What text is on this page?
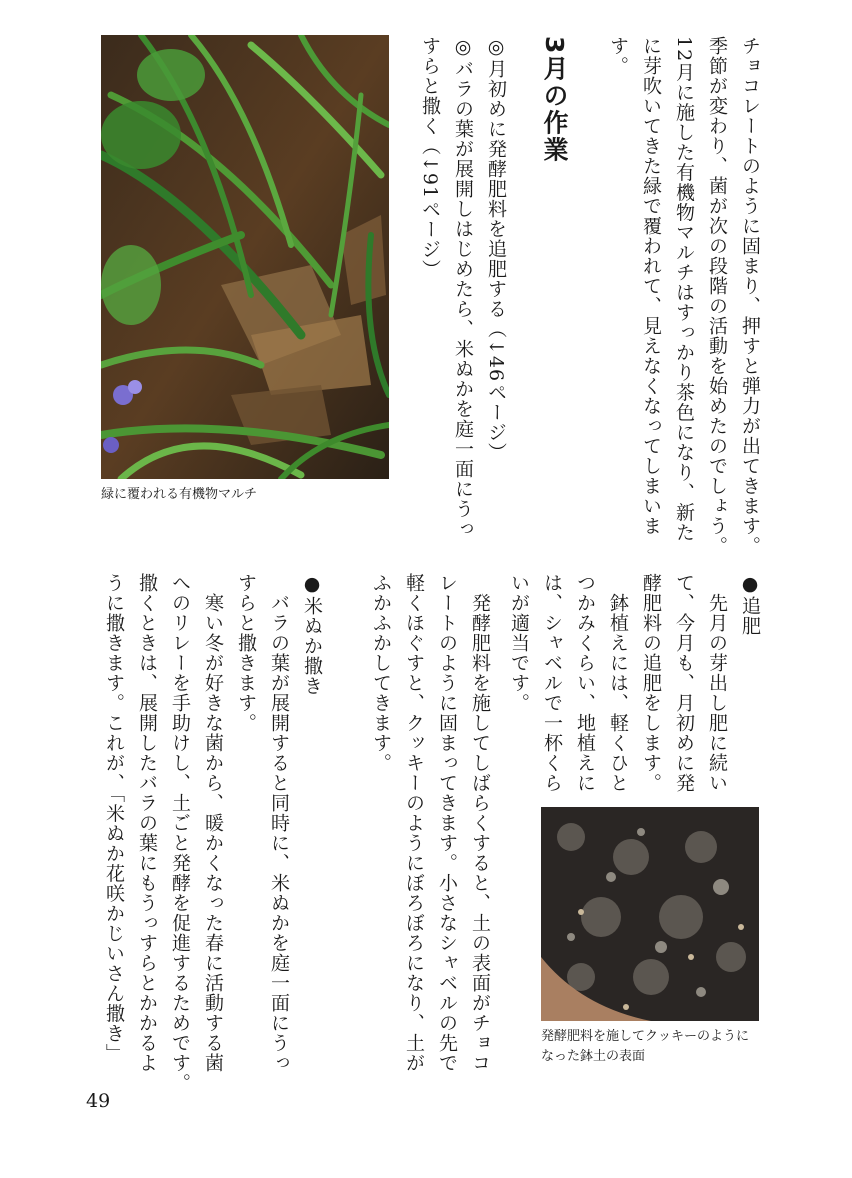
チョコレートのように固まり、押すと弾力が出てきます。
季節が変わり、菌が次の段階の活動を始めたのでしょう。
12月に施した有機物マルチはすっかり茶色になり、新た
に芽吹いてきた緑で覆われて、見えなくなってしまいま
す。
3月の作業
◎月初めに発酵肥料を追肥する（↓46ページ）
◎バラの葉が展開しはじめたら、米ぬかを庭一面にうっ
すらと撒く（↓91ページ）
緑に覆われる有機物マルチ
●追肥
　先月の芽出し肥に続い
て、今月も、月初めに発
酵肥料の追肥をします。
　鉢植えには、軽くひと
つかみくらい、地植えに
は、シャベルで一杯くら
いが適当です。
　発酵肥料を施してしばらくすると、土の表面がチョコ
レートのように固まってきます。小さなシャベルの先で
軽くほぐすと、クッキーのようにぼろぼろになり、土が
ふかふかしてきます。
●米ぬか撒き
　バラの葉が展開すると同時に、米ぬかを庭一面にうっ
すらと撒きます。
　寒い冬が好きな菌から、暖かくなった春に活動する菌
へのリレーを手助けし、土ごと発酵を促進するためです。
撒くときは、展開したバラの葉にもうっすらとかかるよ
うに撒きます。これが、「米ぬか花咲かじいさん撒き」	発酵肥料を施してクッキーのように
なった鉢土の表面
49
